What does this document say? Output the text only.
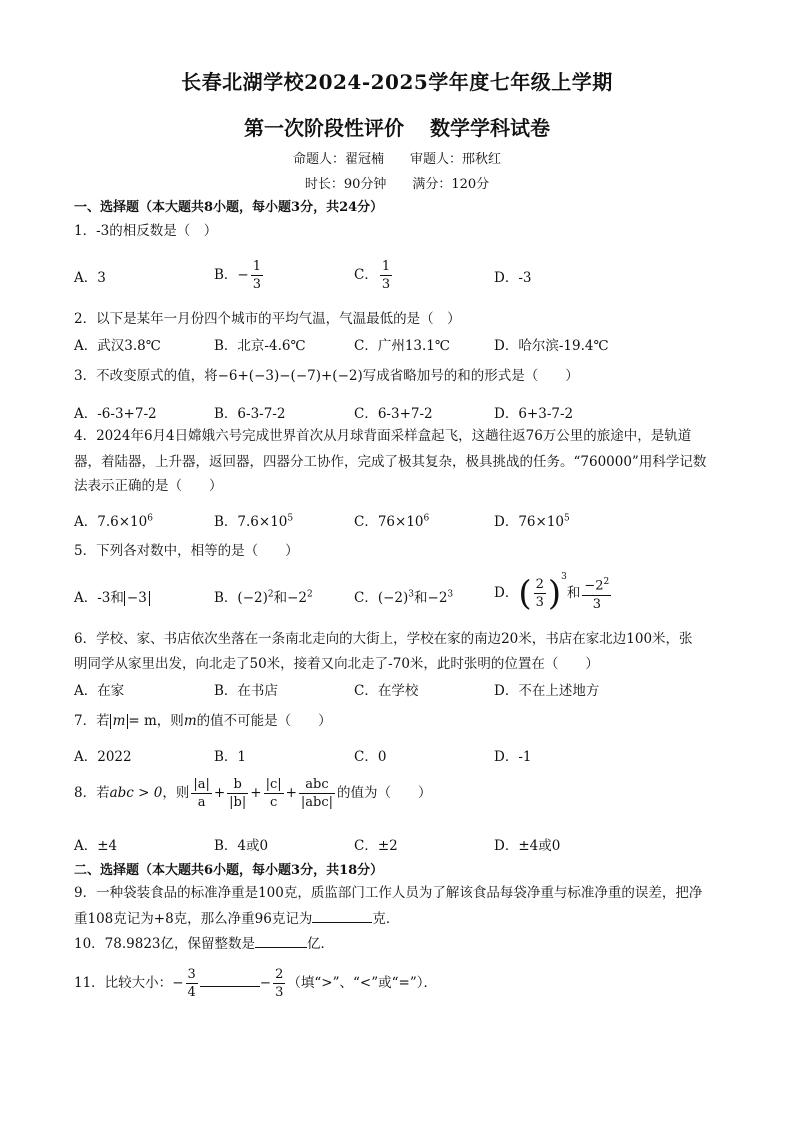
长春北湖学校2024-2025学年度七年级上学期
第一次阶段性评价 数学学科试卷
命题人：翟冠楠 审题人：邢秋红
时长：90分钟 满分：120分
一、选择题（本大题共8小题，每小题3分，共24分）
1．-3的相反数是（　）
A．3	B．− $\frac{1}{3}$	C． $\frac{1}{3}$	D．-3
2．以下是某年一月份四个城市的平均气温，气温最低的是（　）
A．武汉3.8℃	B．北京-4.6℃	C．广州13.1℃	D．哈尔滨-19.4℃
3．不改变原式的值，将−6+(−3)−(−7)+(−2)写成省略加号的和的形式是（　　）
A．-6-3+7-2	B．6-3-7-2	C．6-3+7-2	D．6+3-7-2
4．2024年6月4日嫦娥六号完成世界首次从月球背面采样盒起飞，这趟往返76万公里的旅途中，是轨道
器，着陆器，上升器，返回器，四器分工协作，完成了极其复杂，极具挑战的任务。“760000”用科学记数
法表示正确的是（　　）
A．$7.6\times 10^6$	B．$7.6\times 10^5$	C．$76\times 10^6$	D．$76\times 10^5$
5．下列各对数中，相等的是（　　）
A．-3和 −3	B．$(-2)^2$和$-2^2$	C．$(-2)^3$和$-2^3$	D．( $\frac{2}{3} )^3$和 $\frac{-2^2}{3}$
6．学校、家、书店依次坐落在一条南北走向的大街上，学校在家的南边20米，书店在家北边100米，张
明同学从家里出发，向北走了50米，接着又向北走了-70米，此时张明的位置在（　　）
A．在家	B．在书店	C．在学校	D．不在上述地方
7．若 m = m，则m的值不可能是（　　）
A．2022	B．1	C．0	D．-1
8．若abc > 0，则 $\frac{|a|}{a} + \frac{b}{|b|} + \frac{|c|}{c} + \frac{\text{abc}}{\text{|abc|}}$ 的值为（　　）
A．±4	B．4或0	C．±2	D．±4或0
二、选择题（本大题共6小题，每小题3分，共18分）
9．一种袋装食品的标准净重是100克，质监部门工作人员为了解该食品每袋净重与标准净重的误差，把净
重108克记为+8克，那么净重96克记为	克．
10．78.9823亿，保留整数是	亿．
11．比较大小：− $\frac{3}{4}$	− $\frac{2}{3}$ （填“>”、“<”或“=”）．
